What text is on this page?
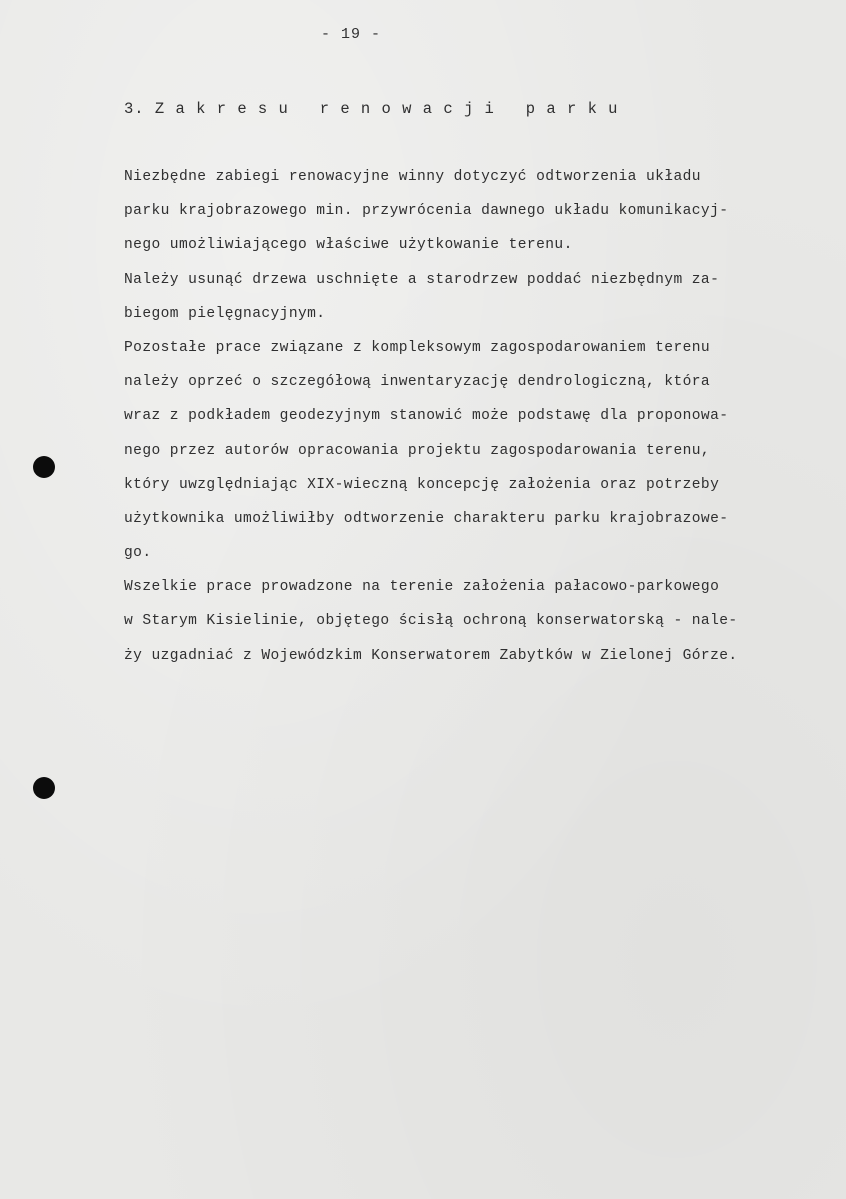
- 19 -
3. Z a k r e s u   r e n o w a c j i   p a r k u
Niezbędne zabiegi renowacyjne winny dotyczyć odtworzenia układu
parku krajobrazowego min. przywrócenia dawnego układu komunikacyj-
nego umożliwiającego właściwe użytkowanie terenu.
Należy usunąć drzewa uschnięte a starodrzew poddać niezbędnym za-
biegom pielęgnacyjnym.
Pozostałe prace związane z kompleksowym zagospodarowaniem terenu
należy oprzeć o szczegółową inwentaryzację dendrologiczną, która
wraz z podkładem geodezyjnym stanowić może podstawę dla proponowa-
nego przez autorów opracowania projektu zagospodarowania terenu,
który uwzględniając XIX-wieczną koncepcję założenia oraz potrzeby
użytkownika umożliwiłby odtworzenie charakteru parku krajobrazowe-
go.
Wszelkie prace prowadzone na terenie założenia pałacowo-parkowego
w Starym Kisielinie, objętego ścisłą ochroną konserwatorską - nale-
ży uzgadniać z Wojewódzkim Konserwatorem Zabytków w Zielonej Górze.
